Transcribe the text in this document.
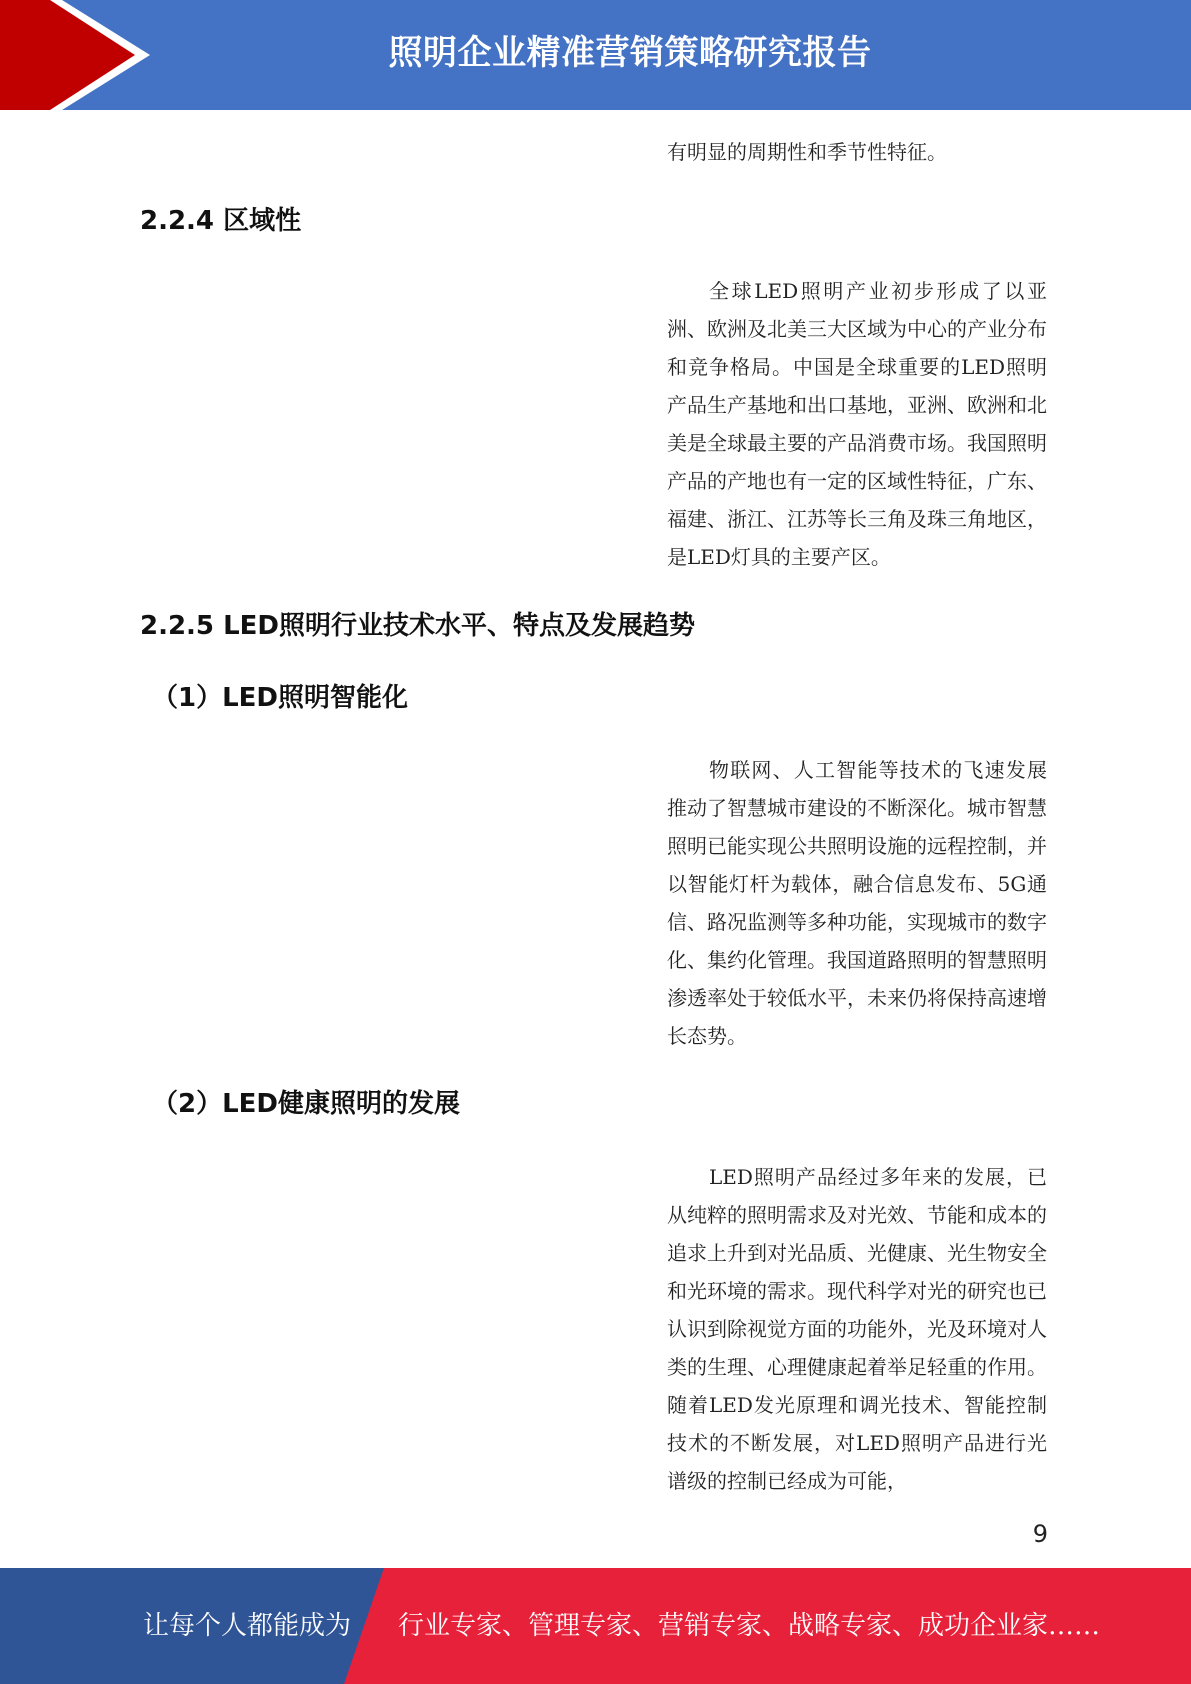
照明企业精准营销策略研究报告

有明显的周期性和季节性特征。

2.2.4 区域性

全球LED照明产业初步形成了以亚洲、欧洲及北美三大区域为中心的产业分布和竞争格局。中国是全球重要的LED照明产品生产基地和出口基地，亚洲、欧洲和北美是全球最主要的产品消费市场。我国照明产品的产地也有一定的区域性特征，广东、福建、浙江、江苏等长三角及珠三角地区，是LED灯具的主要产区。

2.2.5 LED照明行业技术水平、特点及发展趋势
（1）LED照明智能化

物联网、人工智能等技术的飞速发展推动了智慧城市建设的不断深化。城市智慧照明已能实现公共照明设施的远程控制，并以智能灯杆为载体，融合信息发布、5G通信、路况监测等多种功能，实现城市的数字化、集约化管理。我国道路照明的智慧照明渗透率处于较低水平，未来仍将保持高速增长态势。

（2）LED健康照明的发展

LED照明产品经过多年来的发展，已从纯粹的照明需求及对光效、节能和成本的追求上升到对光品质、光健康、光生物安全和光环境的需求。现代科学对光的研究也已认识到除视觉方面的功能外，光及环境对人类的生理、心理健康起着举足轻重的作用。随着LED发光原理和调光技术、智能控制技术的不断发展，对LED照明产品进行光谱级的控制已经成为可能，

9
让每个人都能成为 行业专家、管理专家、营销专家、战略专家、成功企业家……
